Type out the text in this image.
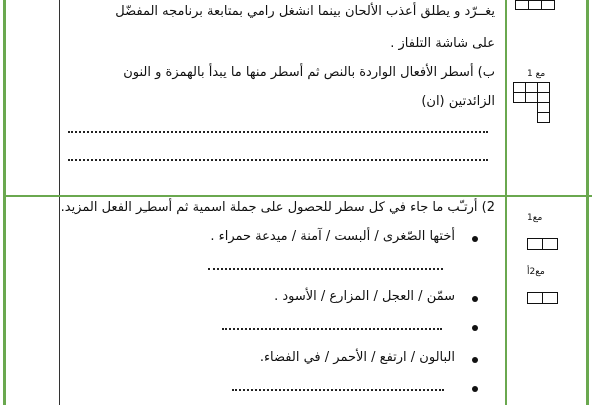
يغــرّد و يطلق أعذب الألحان بينما انشغل رامي بمتابعة برنامجه المفضّل
على شاشة التلفاز .
ب) أسطر الأفعال الواردة بالنص ثم أسطر منها ما يبدأ بالهمزة و النون
الزائدتين (ان)
مع 1
2) أرتـّب ما جاء في كل سطر للحصول على جملة اسمية ثم أسطـِر الفعل المزيد.
أختها الصّغرى / ألبست / آمنة / ميدعة حمراء .
سمّن / العجل / المزارع / الأسود .
البالون / ارتفع / الأحمر / في الفضاء.
مع1
مع2أ
